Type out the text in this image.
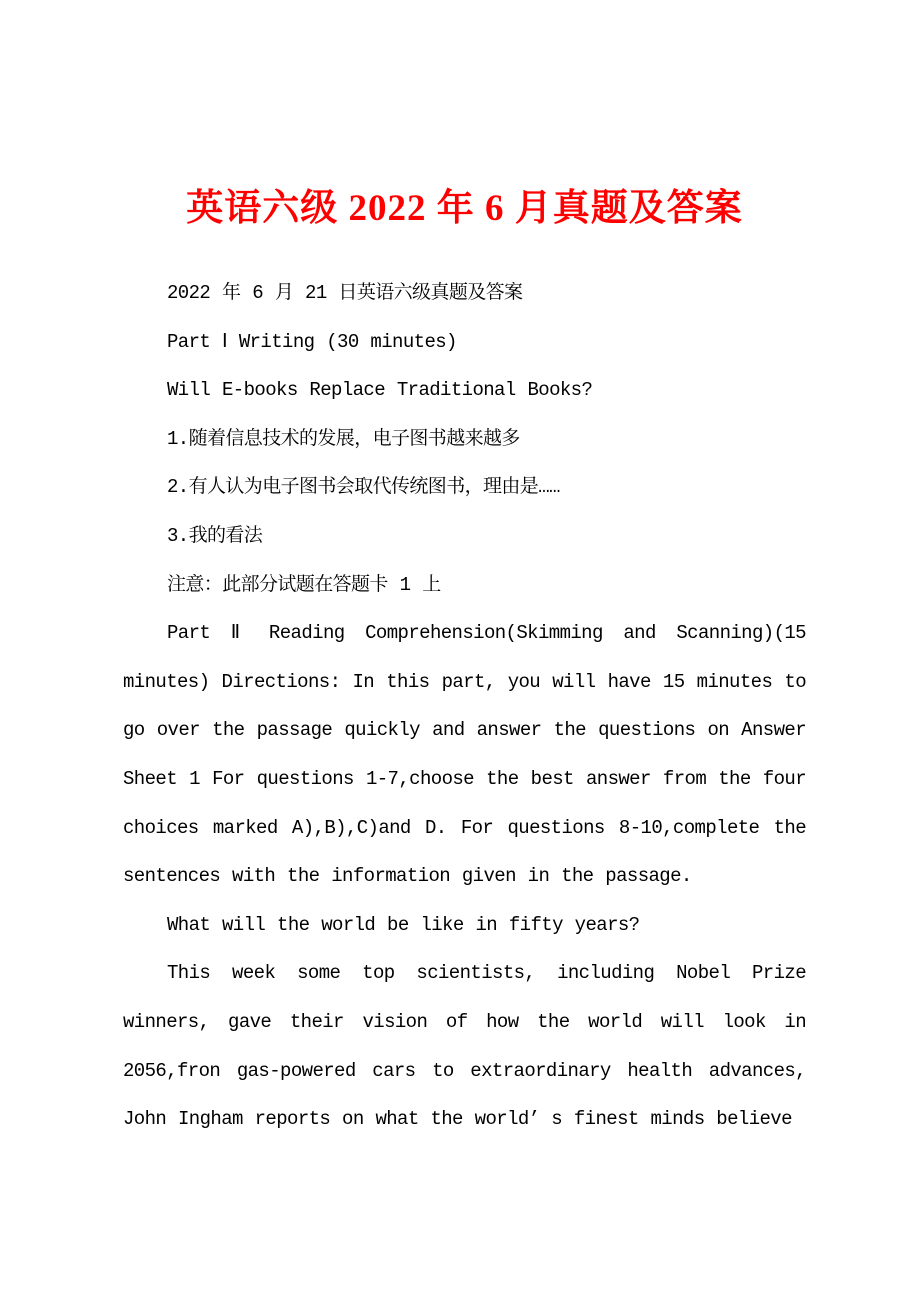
英语六级 2022 年 6 月真题及答案

2022 年 6 月 21 日英语六级真题及答案

Part Ⅰ Writing (30 minutes)

Will E-books Replace Traditional Books?

1.随着信息技术的发展，电子图书越来越多

2.有人认为电子图书会取代传统图书，理由是……

3.我的看法

注意：此部分试题在答题卡 1 上

Part Ⅱ Reading Comprehension(Skimming and Scanning)(15 minutes) Directions: In this part, you will have 15 minutes to go over the passage quickly and answer the questions on Answer Sheet 1 For questions 1-7,choose the best answer from the four choices marked A),B),C)and D. For questions 8-10,complete the sentences with the information given in the passage.

What will the world be like in fifty years?

This week some top scientists, including Nobel Prize winners, gave their vision of how the world will look in 2056,fron gas-powered cars to extraordinary health advances, John Ingham reports on what the world’ s finest minds believe
